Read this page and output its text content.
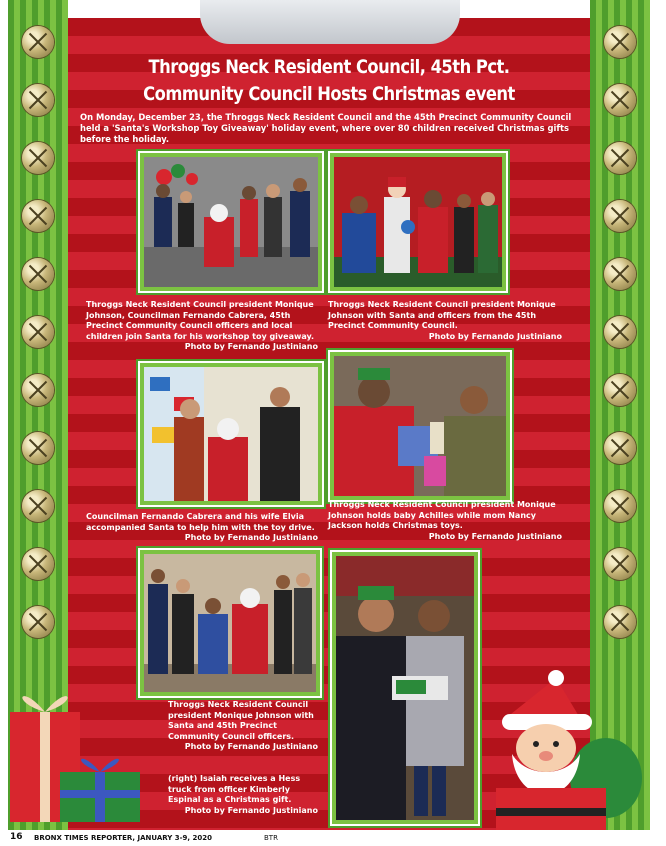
Throggs Neck Resident Council, 45th Pct. Community Council Hosts Christmas event
On Monday, December 23, the Throggs Neck Resident Council and the 45th Precinct Community Council held a 'Santa's Workshop Toy Giveaway' holiday event, where over 80 children received Christmas gifts before the holiday.
Throggs Neck Resident Council president Monique Johnson, Councilman Fernando Cabrera, 45th Precinct Community Council officers and local children join Santa for his workshop toy giveaway.
Photo by Fernando Justiniano
Throggs Neck Resident Council president Monique Johnson with Santa and officers from the 45th Precinct Community Council.
Photo by Fernando Justiniano
Councilman Fernando Cabrera and his wife Elvia accompanied Santa to help him with the toy drive.
Photo by Fernando Justiniano
Throggs Neck Resident Council president Monique Johnson holds baby Achilles while mom Nancy Jackson holds Christmas toys.
Photo by Fernando Justiniano
Throggs Neck Resident Council president Monique Johnson with Santa and 45th Precinct Community Council officers.
Photo by Fernando Justiniano
(right) Isaiah receives a Hess truck from officer Kimberly Espinal as a Christmas gift.
Photo by Fernando Justiniano
16 BRONX TIMES REPORTER, JANUARY 3-9, 2020	BTR
